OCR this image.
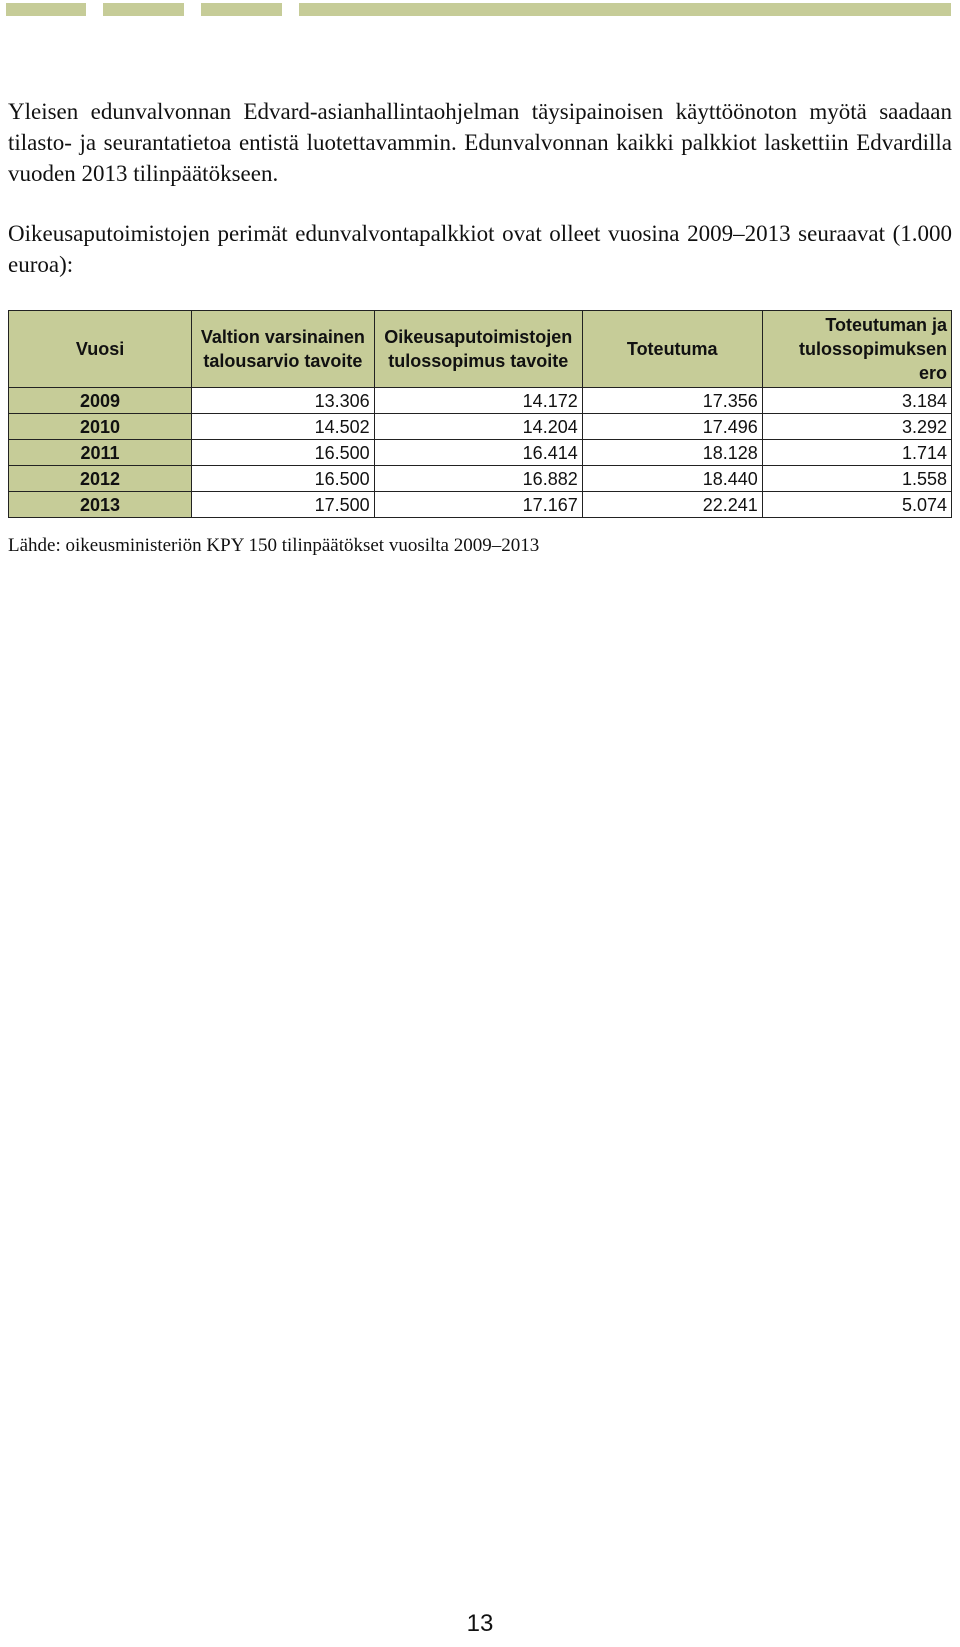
Yleisen edunvalvonnan Edvard-asianhallintaohjelman täysipainoisen käyttöönoton myötä saadaan tilasto- ja seurantatietoa entistä luotettavammin. Edunvalvonnan kaikki palkkiot laskettiin Edvardilla vuoden 2013 tilinpäätökseen.

Oikeusaputoimistojen perimät edunvalvontapalkkiot ovat olleet vuosina 2009–2013 seuraavat (1.000 euroa):

Vuosi	Valtion varsinainen talousarvio tavoite	Oikeusaputoimistojen tulossopimus tavoite	Toteutuma	Toteutuman ja tulossopimuksen ero
2009	13.306	14.172	17.356	3.184
2010	14.502	14.204	17.496	3.292
2011	16.500	16.414	18.128	1.714
2012	16.500	16.882	18.440	1.558
2013	17.500	17.167	22.241	5.074

Lähde: oikeusministeriön KPY 150 tilinpäätökset vuosilta 2009–2013

13
